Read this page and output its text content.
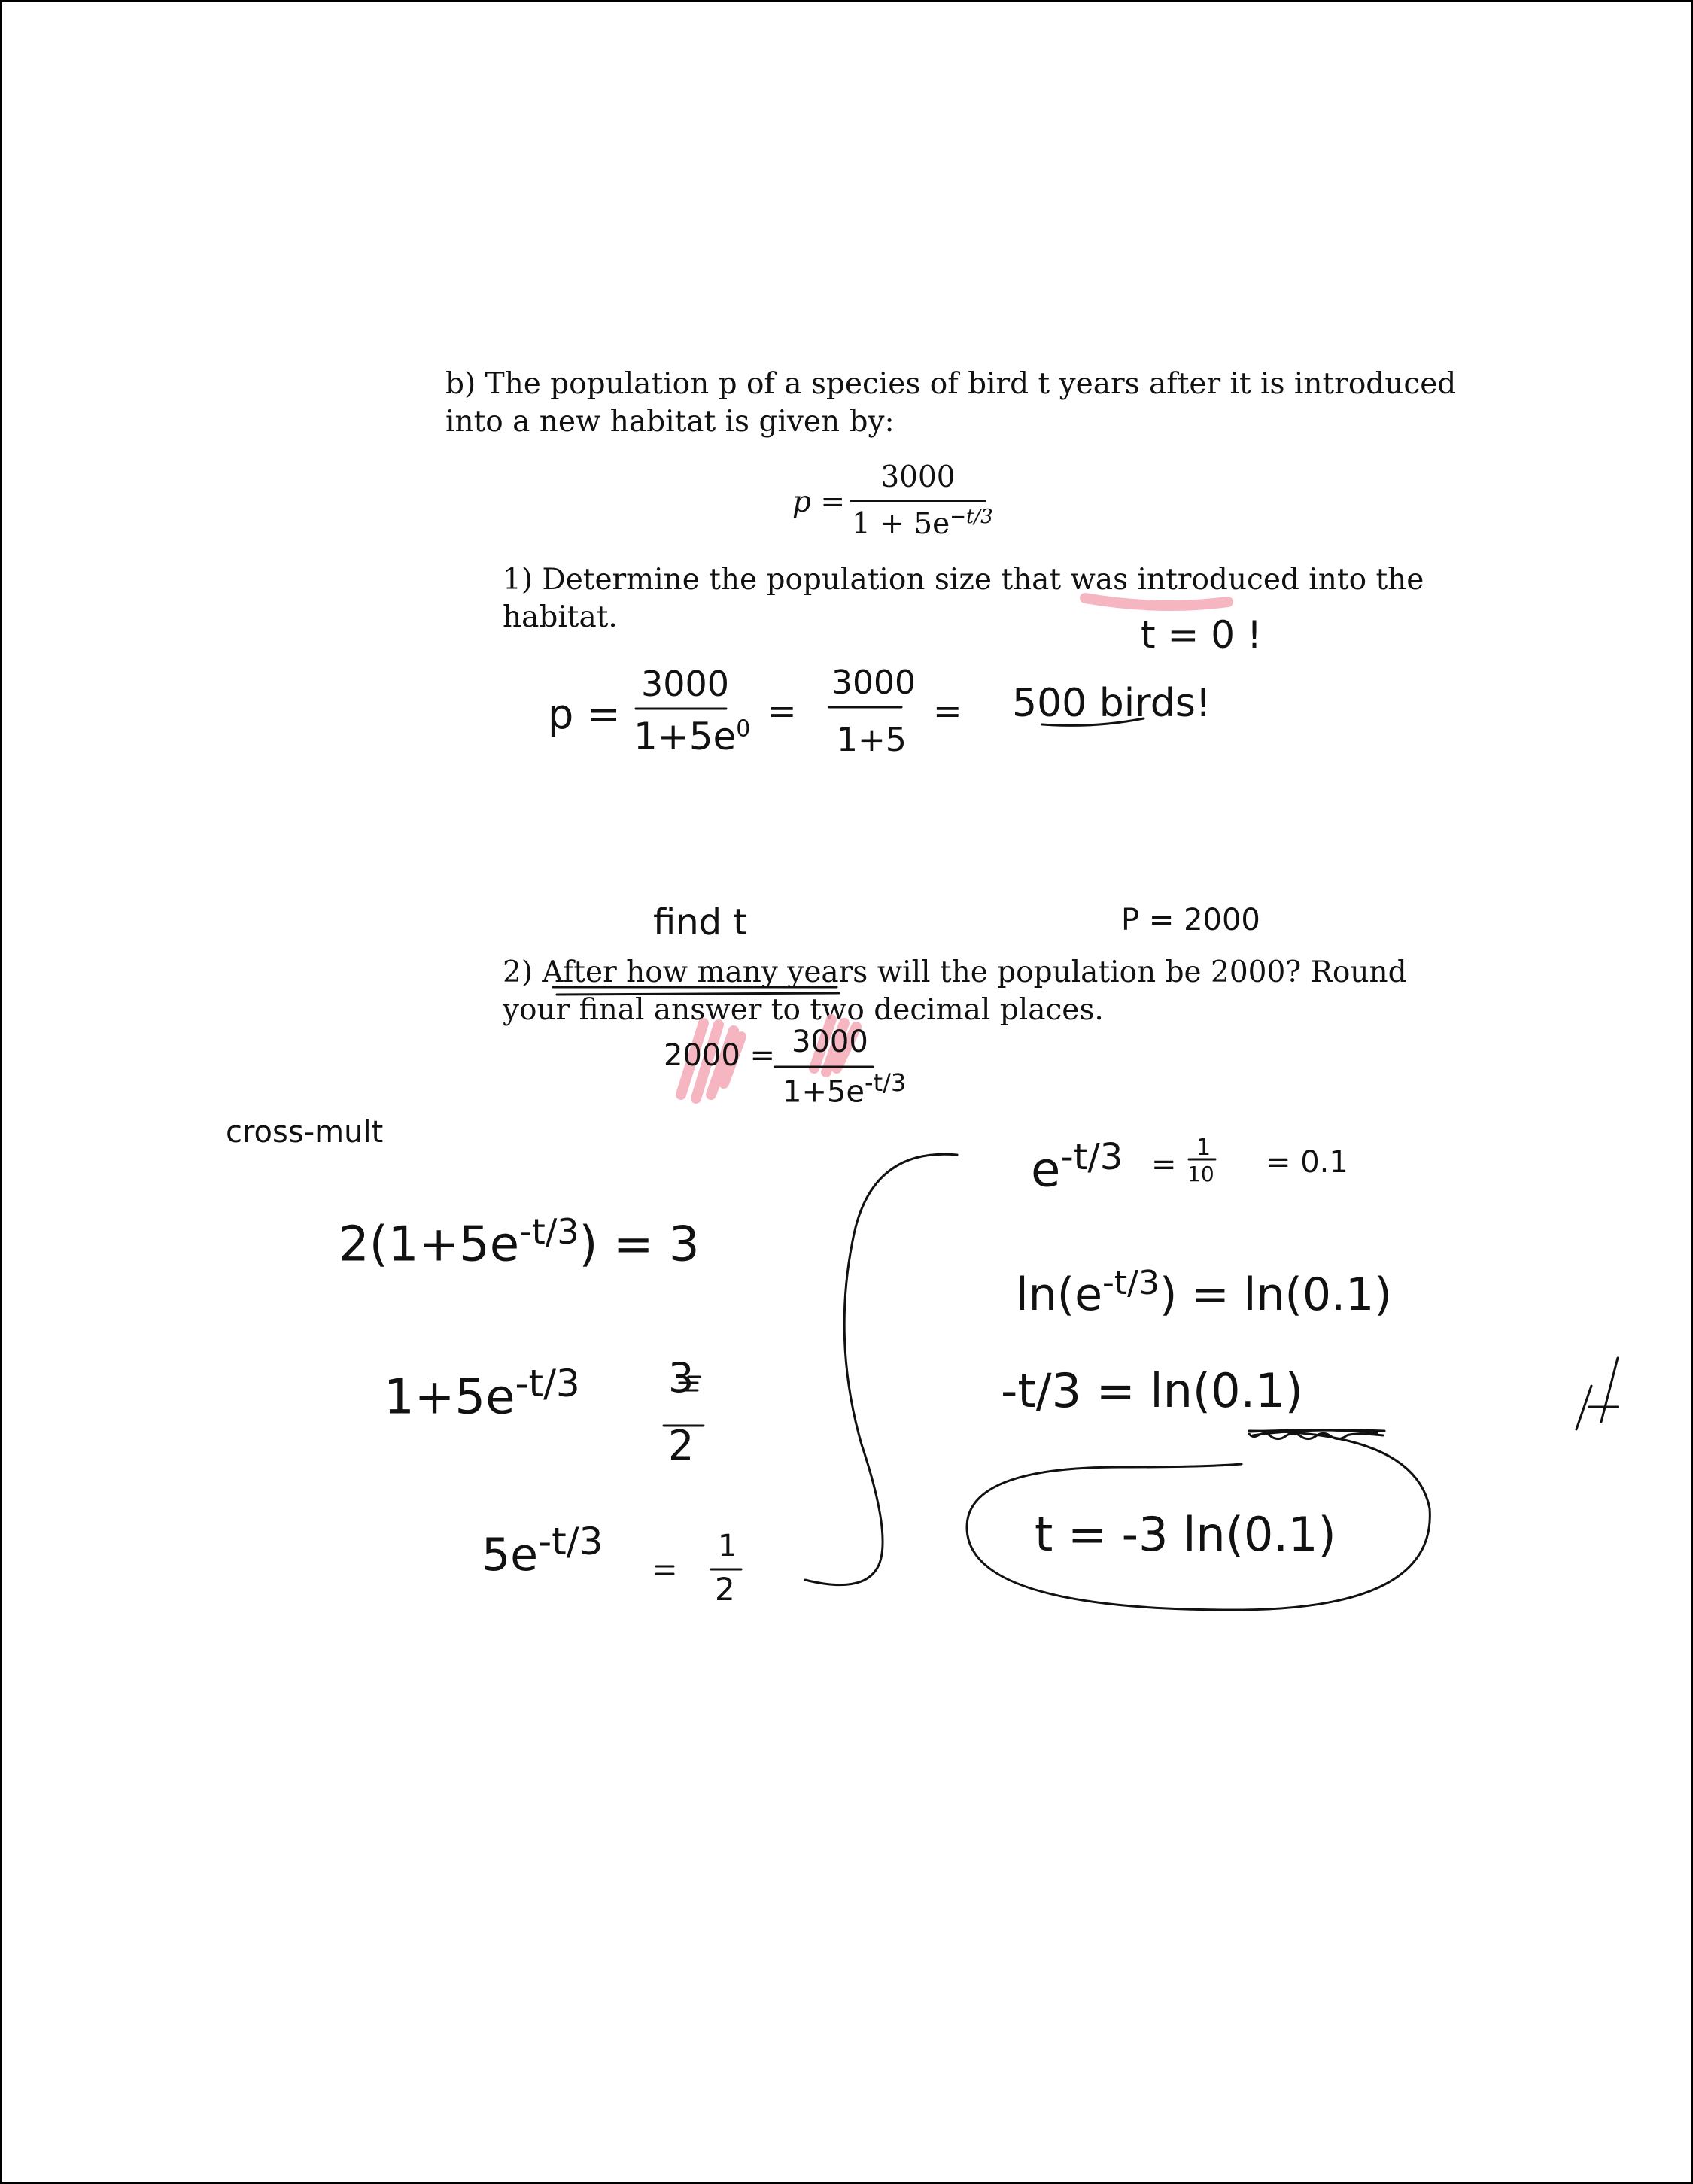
b) The population p of a species of bird t years after it is introduced
into a new habitat is given by:
p =
3000
$1 + 5e^{-t/3}$
1) Determine the population size that was introduced into the
habitat.
2) After how many years will the population be 2000? Round
your final answer to two decimal places.
t = 0 !
p =
3000
$1+5e^0$ =
3000
1+5
= 500 birds!
find t	P = 2000
2000 = 3000
$1+5e^{-t/3}$
cross-mult
$2(1+5e^{-t/3}) = 3$
$1+5e^{-t/3}$ 3
2
$5e^{-t/3}$	1
2
$e^{-t/3} = 1$
10 = 0.1
$\ln(e^{-t/3}) = \ln(0.1)$
-t/3 = ln(0.1)
t = -3 ln(0.1)
